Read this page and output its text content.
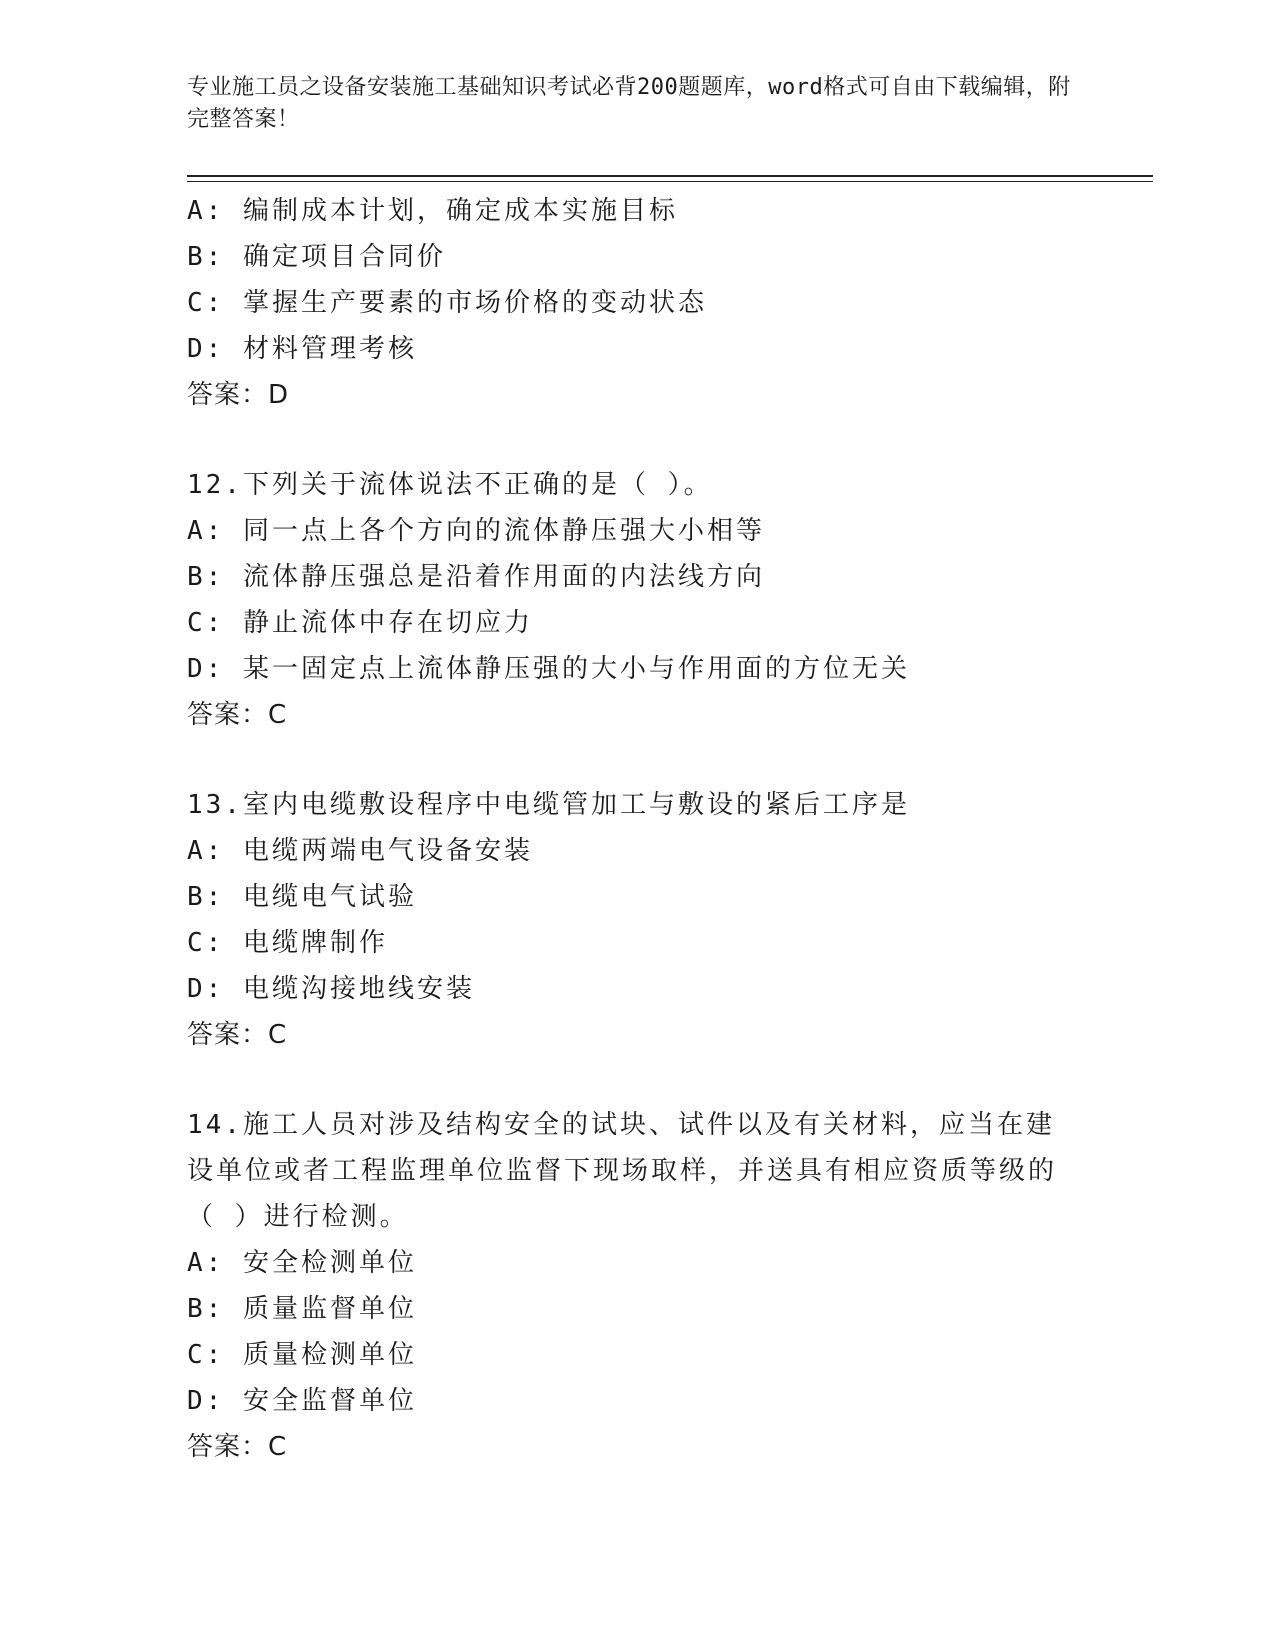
专业施工员之设备安装施工基础知识考试必背200题题库，word格式可自由下载编辑，附完整答案！
A: 编制成本计划，确定成本实施目标
B: 确定项目合同价
C: 掌握生产要素的市场价格的变动状态
D: 材料管理考核
答案：D
12.下列关于流体说法不正确的是（ ）。
A: 同一点上各个方向的流体静压强大小相等
B: 流体静压强总是沿着作用面的内法线方向
C: 静止流体中存在切应力
D: 某一固定点上流体静压强的大小与作用面的方位无关
答案：C
13.室内电缆敷设程序中电缆管加工与敷设的紧后工序是
A: 电缆两端电气设备安装
B: 电缆电气试验
C: 电缆牌制作
D: 电缆沟接地线安装
答案：C
14.施工人员对涉及结构安全的试块、试件以及有关材料，应当在建设单位或者工程监理单位监督下现场取样，并送具有相应资质等级的（ ）进行检测。
A: 安全检测单位
B: 质量监督单位
C: 质量检测单位
D: 安全监督单位
答案：C
